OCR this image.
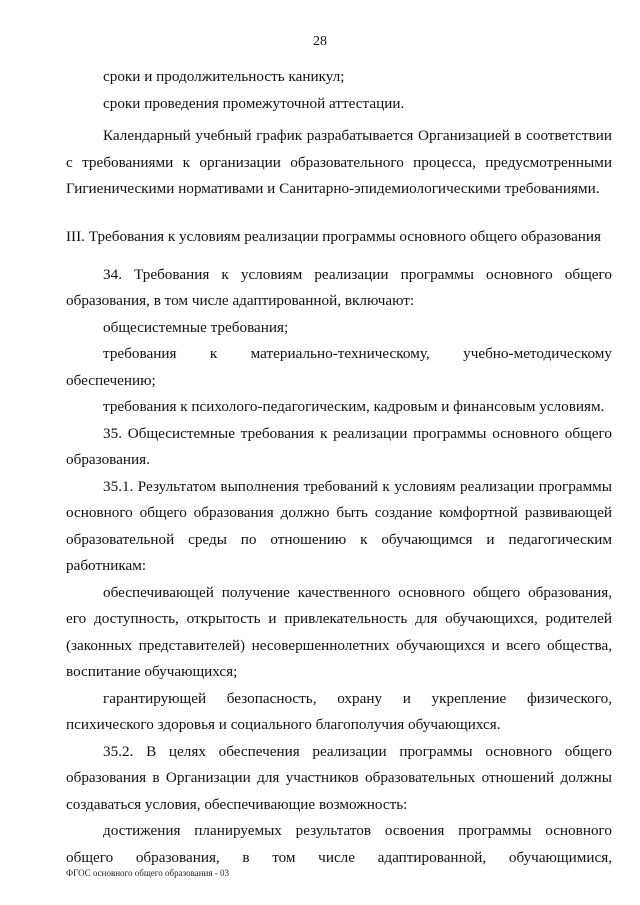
28

сроки и продолжительность каникул;

сроки проведения промежуточной аттестации.

Календарный учебный график разрабатывается Организацией в соответствии с требованиями к организации образовательного процесса, предусмотренными Гигиеническими нормативами и Санитарно-эпидемиологическими требованиями.

III. Требования к условиям реализации программы основного общего образования

34. Требования к условиям реализации программы основного общего образования, в том числе адаптированной, включают:

общесистемные требования;

требования к материально-техническому, учебно-методическому обеспечению;

требования к психолого-педагогическим, кадровым и финансовым условиям.

35. Общесистемные требования к реализации программы основного общего образования.

35.1. Результатом выполнения требований к условиям реализации программы основного общего образования должно быть создание комфортной развивающей образовательной среды по отношению к обучающимся и педагогическим работникам:

обеспечивающей получение качественного основного общего образования, его доступность, открытость и привлекательность для обучающихся, родителей (законных представителей) несовершеннолетних обучающихся и всего общества, воспитание обучающихся;

гарантирующей безопасность, охрану и укрепление физического, психического здоровья и социального благополучия обучающихся.

35.2. В целях обеспечения реализации программы основного общего образования в Организации для участников образовательных отношений должны создаваться условия, обеспечивающие возможность:

достижения планируемых результатов освоения программы основного общего образования, в том числе адаптированной, обучающимися,

ФГОС основного общего образования - 03
